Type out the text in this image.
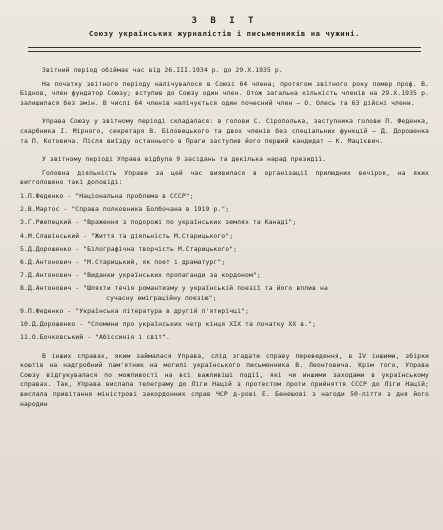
З В І Т

Союзу українських журналістів і письменників на чужині.

Звітний період обіймає час від 26.III.1934 р. до 29.X.1935 р.

На початку звітного періоду налічувалося в Союзі 64 члена; протягом звітного року помер проф. В. Біднов, член фундатор Союзу; вступив до Союзу один член. Отож загальна кількість членів на 29.X.1935 р. залишилася без змін. В числі 64 членів налічується один почесний член — О. Олесь та 63 дійсні члени.

Управа Союзу у звітному періоді складалася: в голови С. Сірополька, заступника голови П. Феденка, скарбника І. Мірного, секретаря В. Біловецького та двох членів без спеціальних функцій — Д. Дорошенка та П. Котовича. Після виїзду останнього в Праги заступив його перший кандидат — К. Мацієвич.

У звітному періоді Управа відбула 9 засідань та декілька нарад президії.

Головна діяльність Управи за цей час виявилася в організації прилюдних вечірок, на яких вигголошено такі доповіді:

1.П.Феденко - "Національна проблема в СССР";
2.В.Мартос - "Справа полковника Болбочана в 1919 р.";
3.Г.Ржепецкий - "Враження з подорожі по українських землях та Канаді";
4.М.Славінський - "Життя та діяльність М.Старицького";
5.Д.Дорошенко - "Білографічна творчість М.Старицького";
6.Д.Антонович - "М.Старицький, як поет і драматург";
7.Д.Антонович - "Виданки українських пропаганди за кордоном";
8.Д.Антонович - "Шляхти течія романтизму у українській поезії та його вплив на
сучасну еміграційну поезію";
9.П.Феденко - "Українська література в другій п'ятирічці";
10.Д.Дорошенко - "Спомини про українських четр кінця ХІХ та початку ХХ в.";
11.О.Бочковський - "Абіссинія і світ".

В інших справах, яким займалася Управа, слід згадати справу переведення, в IV іншими, збірки коштів на надгробний пам'ятник на могилі українського письменника В. Леонтовича. Крім того, Управа Союзу відгукувалася по можливості на всі важливіші події, які чи иншими заходами в українському справах. Так, Управа вислала телеграму до Ліги Націй з протестом проти прийняття СССР до Ліги Націй; вислала привітання міністрові закордонних справ ЧСР д-рові Е. Бенешові з нагоди 50-ліття з дня його народин
